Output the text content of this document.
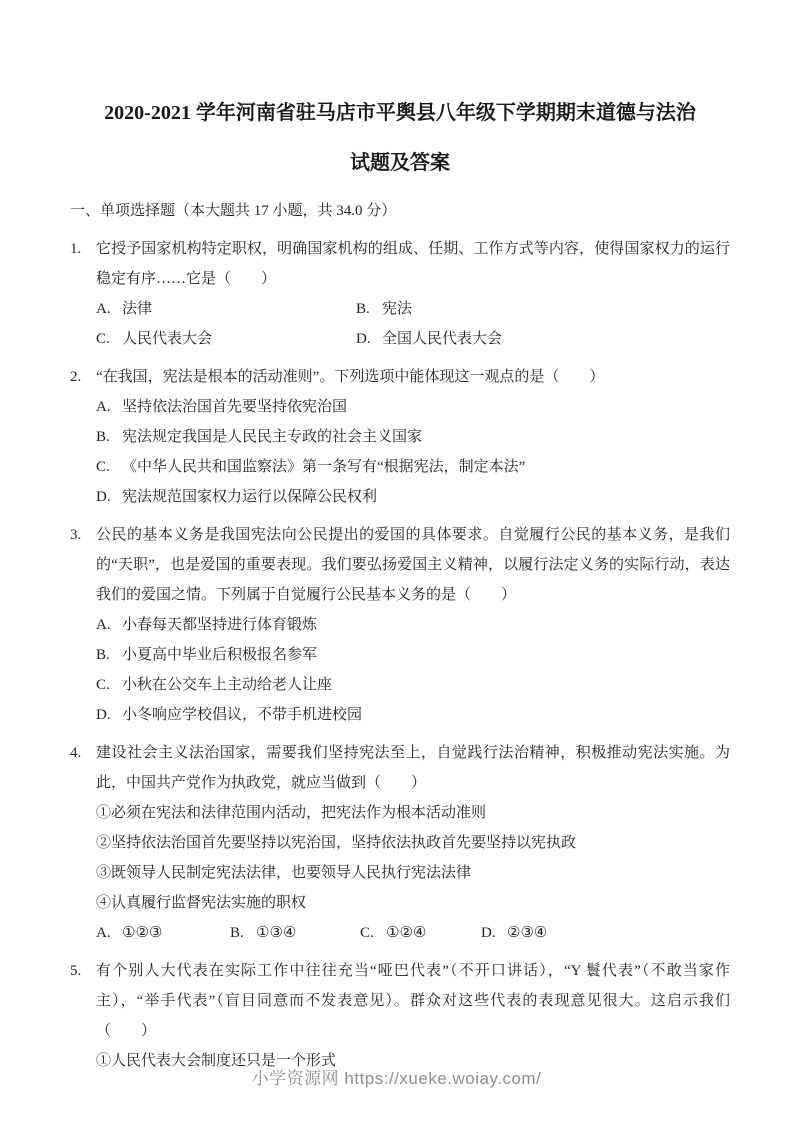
2020-2021 学年河南省驻马店市平舆县八年级下学期期末道德与法治
试题及答案
一、单项选择题（本大题共 17 小题，共 34.0 分）
1. 它授予国家机构特定职权，明确国家机构的组成、任期、工作方式等内容，使得国家权力的运行稳定有序……它是（　　）
A. 法律	B. 宪法
C. 人民代表大会	D. 全国人民代表大会
2. “在我国，宪法是根本的活动准则”。下列选项中能体现这一观点的是（　　）
A. 坚持依法治国首先要坚持依宪治国
B. 宪法规定我国是人民民主专政的社会主义国家
C. 《中华人民共和国监察法》第一条写有“根据宪法，制定本法”
D. 宪法规范国家权力运行以保障公民权利
3. 公民的基本义务是我国宪法向公民提出的爱国的具体要求。自觉履行公民的基本义务，是我们的“天职”，也是爱国的重要表现。我们要弘扬爱国主义精神，以履行法定义务的实际行动，表达我们的爱国之情。下列属于自觉履行公民基本义务的是（　　）
A. 小春每天都坚持进行体育锻炼
B. 小夏高中毕业后积极报名参军
C. 小秋在公交车上主动给老人让座
D. 小冬响应学校倡议，不带手机进校园
4. 建设社会主义法治国家，需要我们坚持宪法至上，自觉践行法治精神，积极推动宪法实施。为此，中国共产党作为执政党，就应当做到（　　）
①必须在宪法和法律范围内活动，把宪法作为根本活动准则
②坚持依法治国首先要坚持以宪治国，坚持依法执政首先要坚持以宪执政
③既领导人民制定宪法法律，也要领导人民执行宪法法律
④认真履行监督宪法实施的职权
A. ①②③	B. ①③④	C. ①②④	D. ②③④
5. 有个别人大代表在实际工作中往往充当“哑巴代表”（不开口讲话），“Y 鬟代表”（不敢当家作主），“举手代表”（盲目同意而不发表意见）。群众对这些代表的表现意见很大。这启示我们（　　）
①人民代表大会制度还只是一个形式
小学资源网 https://xueke.woiay.com/
